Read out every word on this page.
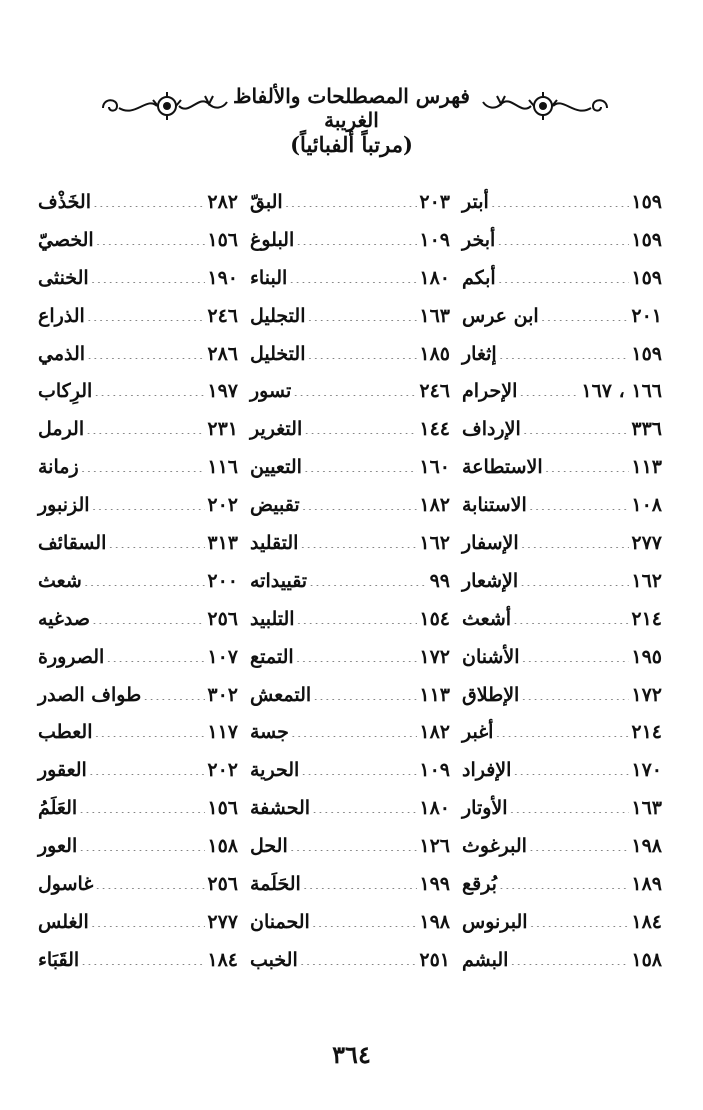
فهرس المصطلحات والألفاظ الغريبة
(مرتباً ألفبائياً)
أبتر .....	١٥٩
أبخر .....	١٥٩
أبكم .....	١٥٩
ابن عرس .....	٢٠١
إثغار .....	١٥٩
الإحرام .....	١٦٦ ، ١٦٧
الإرداف .....	٣٣٦
الاستطاعة .....	١١٣
الاستنابة .....	١٠٨
الإسفار .....	٢٧٧
الإشعار .....	١٦٢
أشعث .....	٢١٤
الأشنان .....	١٩٥
الإطلاق .....	١٧٢
أغبر .....	٢١٤
الإفراد .....	١٧٠
الأوتار .....	١٦٣
البرغوث .....	١٩٨
بُرقع .....	١٨٩
البرنوس .....	١٨٤
البشم .....	١٥٨
البقّ .....	٢٠٣
البلوغ .....	١٠٩
البناء .....	١٨٠
التجليل .....	١٦٣
التخليل .....	١٨٥
تسور .....	٢٤٦
التغرير .....	١٤٤
التعيين .....	١٦٠
تقبيض .....	١٨٢
التقليد .....	١٦٢
تقييداته .....	٩٩
التلبيد .....	١٥٤
التمتع .....	١٧٢
التمعش .....	١١٣
جسة .....	١٨٢
الحرية .....	١٠٩
الحشفة .....	١٨٠
الحل .....	١٢٦
الحَلَمة .....	١٩٩
الحمنان .....	١٩٨
الخبب .....	٢٥١
الخَذْف .....	٢٨٢
الخصيّ .....	١٥٦
الخنثى .....	١٩٠
الذراع .....	٢٤٦
الذمي .....	٢٨٦
الرِكاب .....	١٩٧
الرمل .....	٢٣١
زمانة .....	١١٦
الزنبور .....	٢٠٢
السقائف .....	٣١٣
شعث .....	٢٠٠
صدغيه .....	٢٥٦
الصرورة .....	١٠٧
طواف الصدر .....	٣٠٢
العطب .....	١١٧
العقور .....	٢٠٢
العَلَمُ .....	١٥٦
العور .....	١٥٨
غاسول .....	٢٥٦
الغلس .....	٢٧٧
القَبَاء .....	١٨٤
٣٦٤
